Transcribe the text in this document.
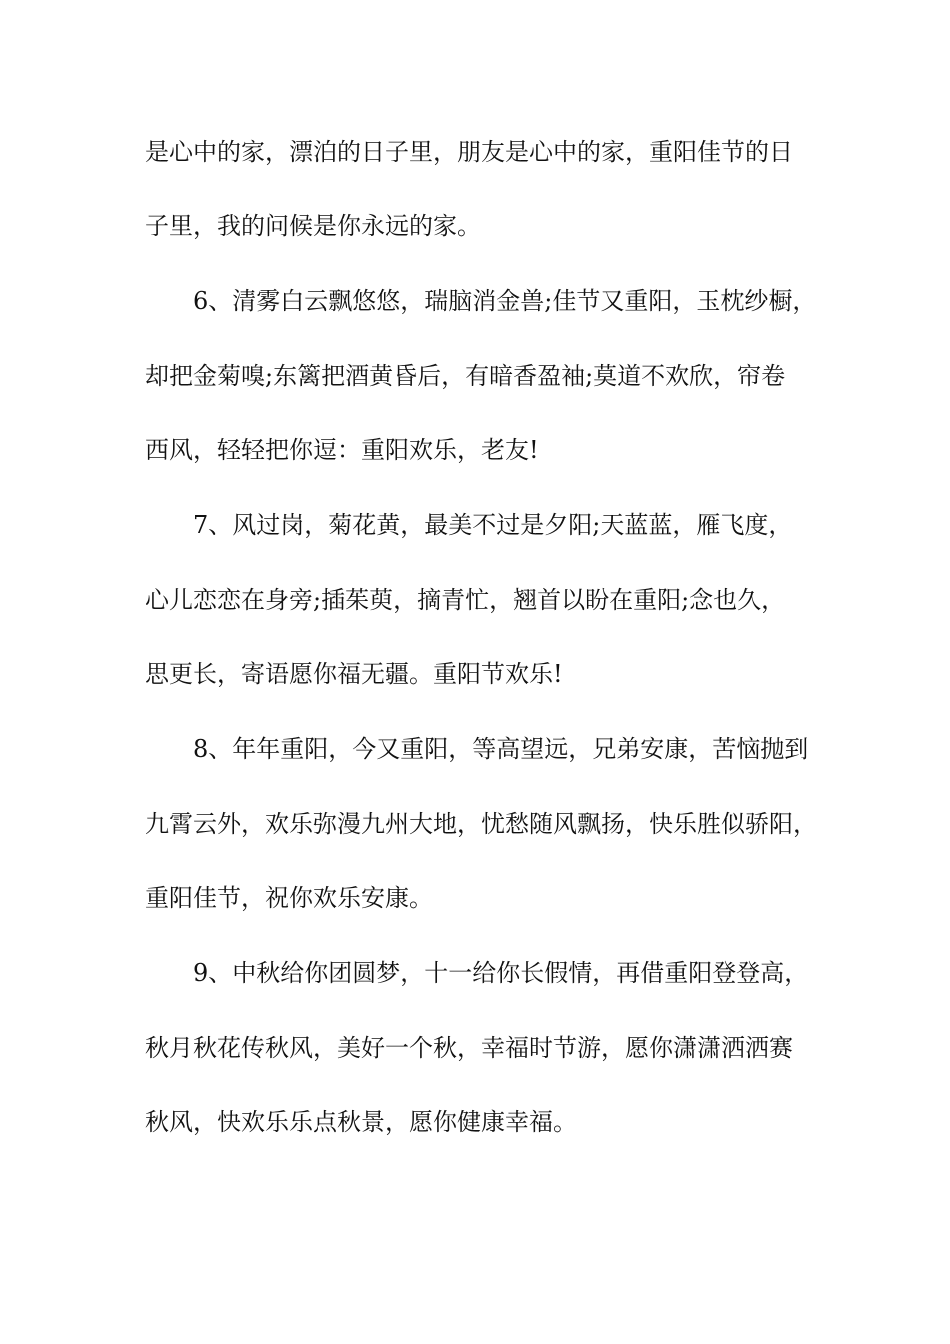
是心中的家，漂泊的日子里，朋友是心中的家，重阳佳节的日

子里，我的问候是你永远的家。

6、清雾白云飘悠悠，瑞脑消金兽;佳节又重阳，玉枕纱橱，

却把金菊嗅;东篱把酒黄昏后，有暗香盈袖;莫道不欢欣，帘卷

西风，轻轻把你逗：重阳欢乐，老友!

7、风过岗，菊花黄，最美不过是夕阳;天蓝蓝，雁飞度，

心儿恋恋在身旁;插茱萸，摘青忙，翘首以盼在重阳;念也久，

思更长，寄语愿你福无疆。重阳节欢乐!

8、年年重阳，今又重阳，等高望远，兄弟安康，苦恼抛到

九霄云外，欢乐弥漫九州大地，忧愁随风飘扬，快乐胜似骄阳，

重阳佳节，祝你欢乐安康。

9、中秋给你团圆梦，十一给你长假情，再借重阳登登高，

秋月秋花传秋风，美好一个秋，幸福时节游，愿你潇潇洒洒赛

秋风，快欢乐乐点秋景，愿你健康幸福。
